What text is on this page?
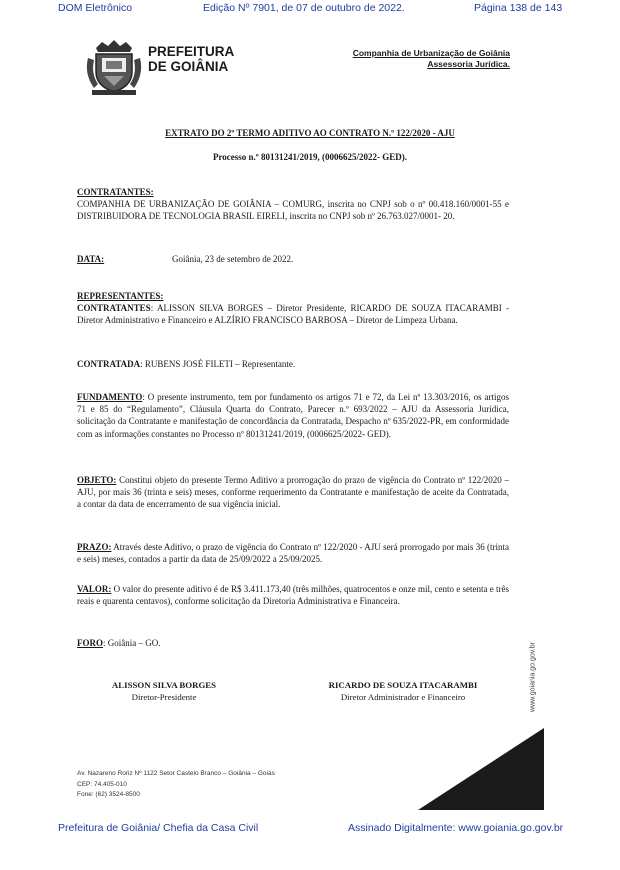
DOM Eletrônico	Edição Nº 7901, de 07 de outubro de 2022.	Página 138 de 143
PREFEITURA
DE GOIÂNIA
Companhia de Urbanização de Goiânia
Assessoria Jurídica.
EXTRATO DO 2º TERMO ADITIVO AO CONTRATO N.º 122/2020 - AJU
Processo n.º 80131241/2019, (0006625/2022- GED).
CONTRATANTES:
COMPANHIA DE URBANIZAÇÃO DE GOIÂNIA – COMURG, inscrita no CNPJ sob o nº 00.418.160/0001-55 e DISTRIBUIDORA DE TECNOLOGIA BRASIL EIRELI, inscrita no CNPJ sob nº 26.763.027/0001- 20.
DATA:	Goiânia, 23 de setembro de 2022.
REPRESENTANTES:
CONTRATANTES: ALISSON SILVA BORGES – Diretor Presidente, RICARDO DE SOUZA ITACARAMBI - Diretor Administrativo e Financeiro e ALZÍRIO FRANCISCO BARBOSA – Diretor de Limpeza Urbana.
CONTRATADA: RUBENS JOSÉ FILETI – Representante.
FUNDAMENTO: O presente instrumento, tem por fundamento os artigos 71 e 72, da Lei nº 13.303/2016, os artigos 71 e 85 do “Regulamento”, Cláusula Quarta do Contrato, Parecer n.º 693/2022 – AJU da Assessoria Jurídica, solicitação da Contratante e manifestação de concordância da Contratada, Despacho nº 635/2022-PR, em conformidade com as informações constantes no Processo nº 80131241/2019, (0006625/2022- GED).
OBJETO: Constitui objeto do presente Termo Aditivo a prorrogação do prazo de vigência do Contrato nº 122/2020 – AJU, por mais 36 (trinta e seis) meses, conforme requerimento da Contratante e manifestação de aceite da Contratada, a contar da data de encerramento de sua vigência inicial.
PRAZO: Através deste Aditivo, o prazo de vigência do Contrato nº 122/2020 - AJU será prorrogado por mais 36 (trinta e seis) meses, contados a partir da data de 25/09/2022 a 25/09/2025.
VALOR: O valor do presente aditivo é de R$ 3.411.173,40 (três milhões, quatrocentos e onze mil, cento e setenta e três reais e quarenta centavos), conforme solicitação da Diretoria Administrativa e Financeira.
FORO: Goiânia – GO.
ALISSON SILVA BORGES
Diretor-Presidente
RICARDO DE SOUZA ITACARAMBI
Diretor Administrador e Financeiro	www.goiania.go.gov.br
Av. Nazareno Roriz Nº 1122 Setor Castelo Branco – Goiânia – Goiás
CEP: 74.405-010
Fone: (62) 3524-8500
Prefeitura de Goiânia/ Chefia da Casa Civil	Assinado Digitalmente: www.goiania.go.gov.br
